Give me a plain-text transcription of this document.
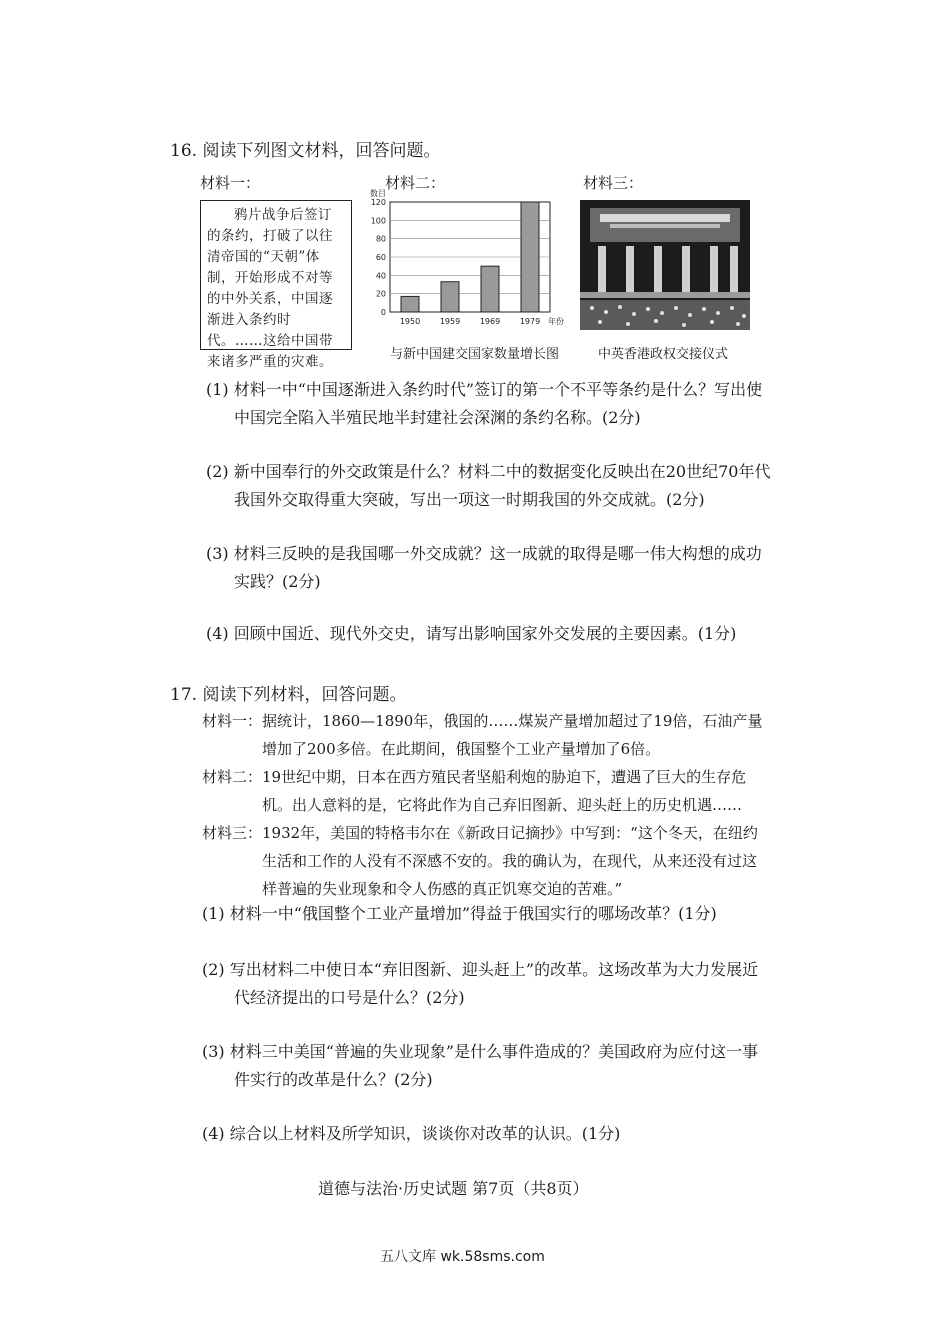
16. 阅读下列图文材料，回答问题。
材料一：	材料二：	材料三：
鸦片战争后签订的条约，打破了以往清帝国的“天朝”体制，开始形成不对等的中外关系，中国逐渐进入条约时代。……这给中国带来诸多严重的灾难。
0
20
40
60
80
100
120
数目
1950 1959 1969 1979 年份
与新中国建交国家数量增长图	中英香港政权交接仪式
(1) 材料一中“中国逐渐进入条约时代”签订的第一个不平等条约是什么？写出使
中国完全陷入半殖民地半封建社会深渊的条约名称。(2分)
(2) 新中国奉行的外交政策是什么？材料二中的数据变化反映出在20世纪70年代
我国外交取得重大突破，写出一项这一时期我国的外交成就。(2分)
(3) 材料三反映的是我国哪一外交成就？这一成就的取得是哪一伟大构想的成功
实践？(2分)
(4) 回顾中国近、现代外交史，请写出影响国家外交发展的主要因素。(1分)
17. 阅读下列材料，回答问题。
材料一：据统计，1860—1890年，俄国的……煤炭产量增加超过了19倍，石油产量
增加了200多倍。在此期间，俄国整个工业产量增加了6倍。
材料二：19世纪中期，日本在西方殖民者坚船利炮的胁迫下，遭遇了巨大的生存危
机。出人意料的是，它将此作为自己弃旧图新、迎头赶上的历史机遇……
材料三：1932年，美国的特格韦尔在《新政日记摘抄》中写到：“这个冬天，在纽约
生活和工作的人没有不深感不安的。我的确认为，在现代，从来还没有过这
样普遍的失业现象和令人伤感的真正饥寒交迫的苦难。”
(1) 材料一中“俄国整个工业产量增加”得益于俄国实行的哪场改革？(1分)
(2) 写出材料二中使日本“弃旧图新、迎头赶上”的改革。这场改革为大力发展近
代经济提出的口号是什么？(2分)
(3) 材料三中美国“普遍的失业现象”是什么事件造成的？美国政府为应付这一事
件实行的改革是什么？(2分)
(4) 综合以上材料及所学知识，谈谈你对改革的认识。(1分)
道德与法治·历史试题 第7页（共8页）
五八文库 wk.58sms.com
